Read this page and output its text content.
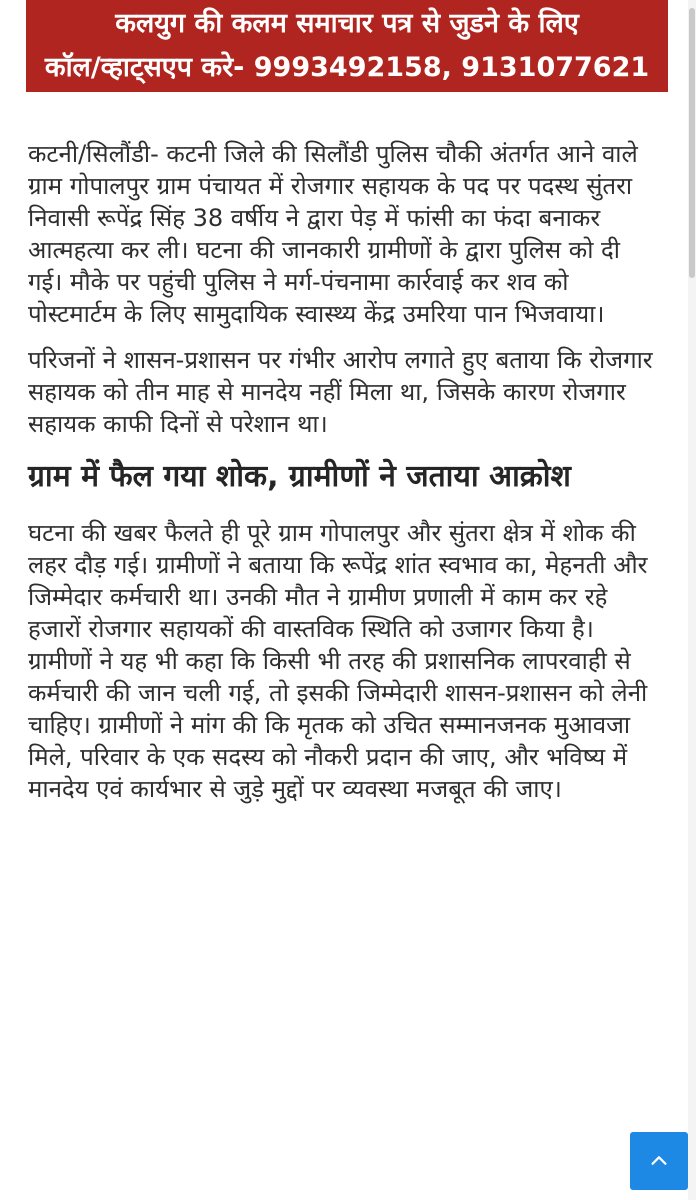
कलयुग की कलम समाचार पत्र से जुडने के लिए
कॉल/व्हाट्सएप करे- 9993492158, 9131077621

कटनी/सिलौंडी- कटनी जिले की सिलौंडी पुलिस चौकी अंतर्गत आने वाले ग्राम गोपालपुर ग्राम पंचायत में रोजगार सहायक के पद पर पदस्थ सुंतरा निवासी रूपेंद्र सिंह 38 वर्षीय ने द्वारा पेड़ में फांसी का फंदा बनाकर आत्महत्या कर ली। घटना की जानकारी ग्रामीणों के द्वारा पुलिस को दी गई। मौके पर पहुंची पुलिस ने मर्ग-पंचनामा कार्रवाई कर शव को पोस्टमार्टम के लिए सामुदायिक स्वास्थ्य केंद्र उमरिया पान भिजवाया।

परिजनों ने शासन-प्रशासन पर गंभीर आरोप लगाते हुए बताया कि रोजगार सहायक को तीन माह से मानदेय नहीं मिला था, जिसके कारण रोजगार सहायक काफी दिनों से परेशान था।

ग्राम में फैल गया शोक, ग्रामीणों ने जताया आक्रोश

घटना की खबर फैलते ही पूरे ग्राम गोपालपुर और सुंतरा क्षेत्र में शोक की लहर दौड़ गई। ग्रामीणों ने बताया कि रूपेंद्र शांत स्वभाव का, मेहनती और जिम्मेदार कर्मचारी था। उनकी मौत ने ग्रामीण प्रणाली में काम कर रहे हजारों रोजगार सहायकों की वास्तविक स्थिति को उजागर किया है। ग्रामीणों ने यह भी कहा कि किसी भी तरह की प्रशासनिक लापरवाही से कर्मचारी की जान चली गई, तो इसकी जिम्मेदारी शासन-प्रशासन को लेनी चाहिए। ग्रामीणों ने मांग की कि मृतक को उचित सम्मानजनक मुआवजा मिले, परिवार के एक सदस्य को नौकरी प्रदान की जाए, और भविष्य में मानदेय एवं कार्यभार से जुड़े मुद्दों पर व्यवस्था मजबूत की जाए।
